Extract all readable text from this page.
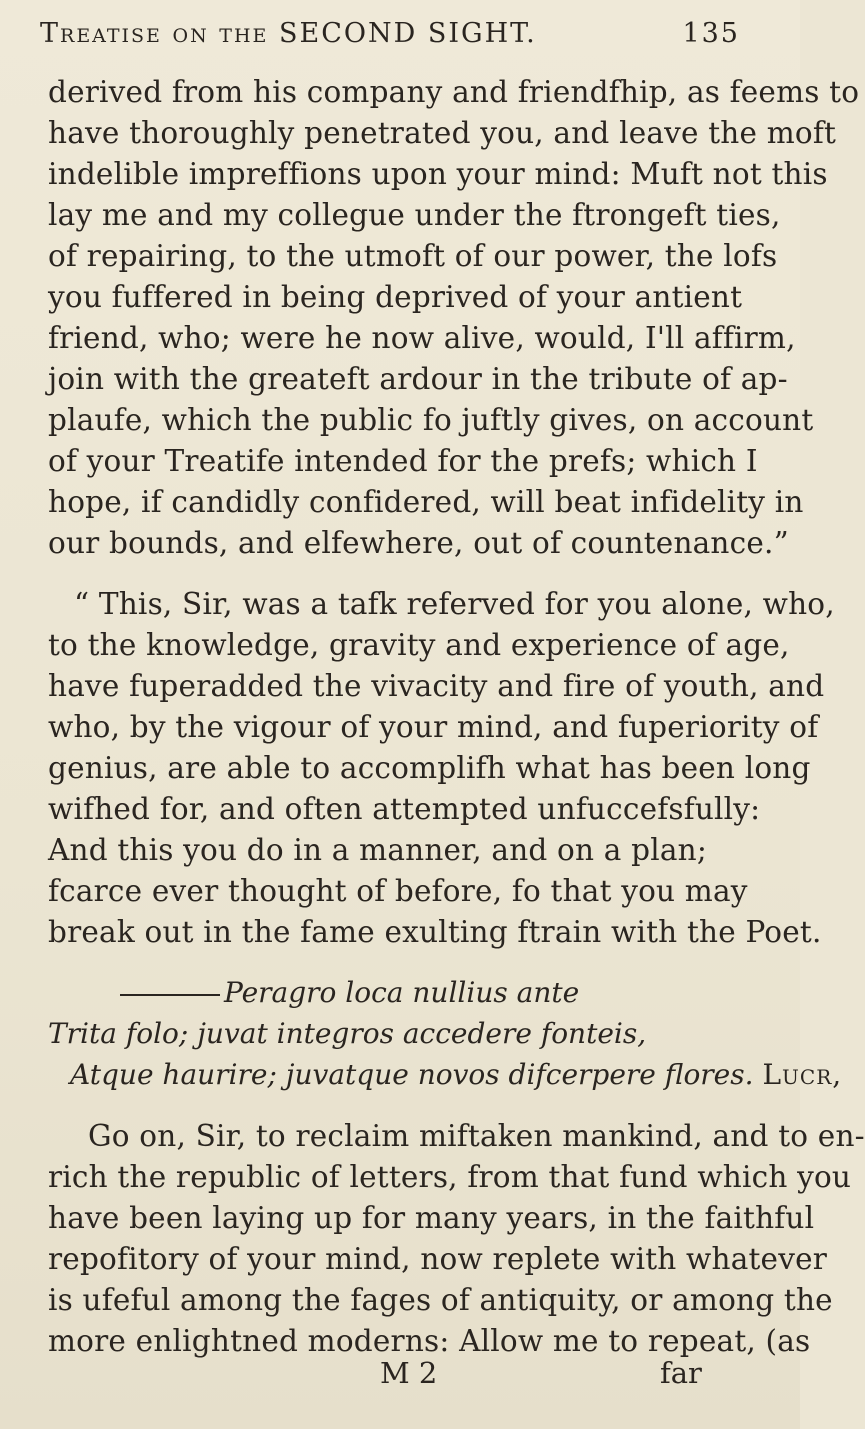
Treatise on the SECOND SIGHT.	135
derived from his company and friendfhip, as feems to
have thoroughly penetrated you, and leave the moft
indelible impreffions upon your mind: Muft not this
lay me and my collegue under the ftrongeft ties,
of repairing, to the utmoft of our power, the lofs
you fuffered in being deprived of your antient
friend, who; were he now alive, would, I'll affirm,
join with the greateft ardour in the tribute of ap-
plaufe, which the public fo juftly gives, on account
of your Treatife intended for the prefs; which I
hope, if candidly confidered, will beat infidelity in
our bounds, and elfewhere, out of countenance.”
“ This, Sir, was a tafk referved for you alone, who,
to the knowledge, gravity and experience of age,
have fuperadded the vivacity and fire of youth, and
who, by the vigour of your mind, and fuperiority of
genius, are able to accomplifh what has been long
wifhed for, and often attempted unfuccefsfully:
And this you do in a manner, and on a plan;
fcarce ever thought of before, fo that you may
break out in the fame exulting ftrain with the Poet.
Peragro loca nullius ante
Trita folo; juvat integros accedere fonteis,
Atque haurire; juvatque novos difcerpere flores. Lucr,
Go on, Sir, to reclaim miftaken mankind, and to en-
rich the republic of letters, from that fund which you
have been laying up for many years, in the faithful
repofitory of your mind, now replete with whatever
is ufeful among the fages of antiquity, or among the
more enlightned moderns: Allow me to repeat, (as
M 2	far
